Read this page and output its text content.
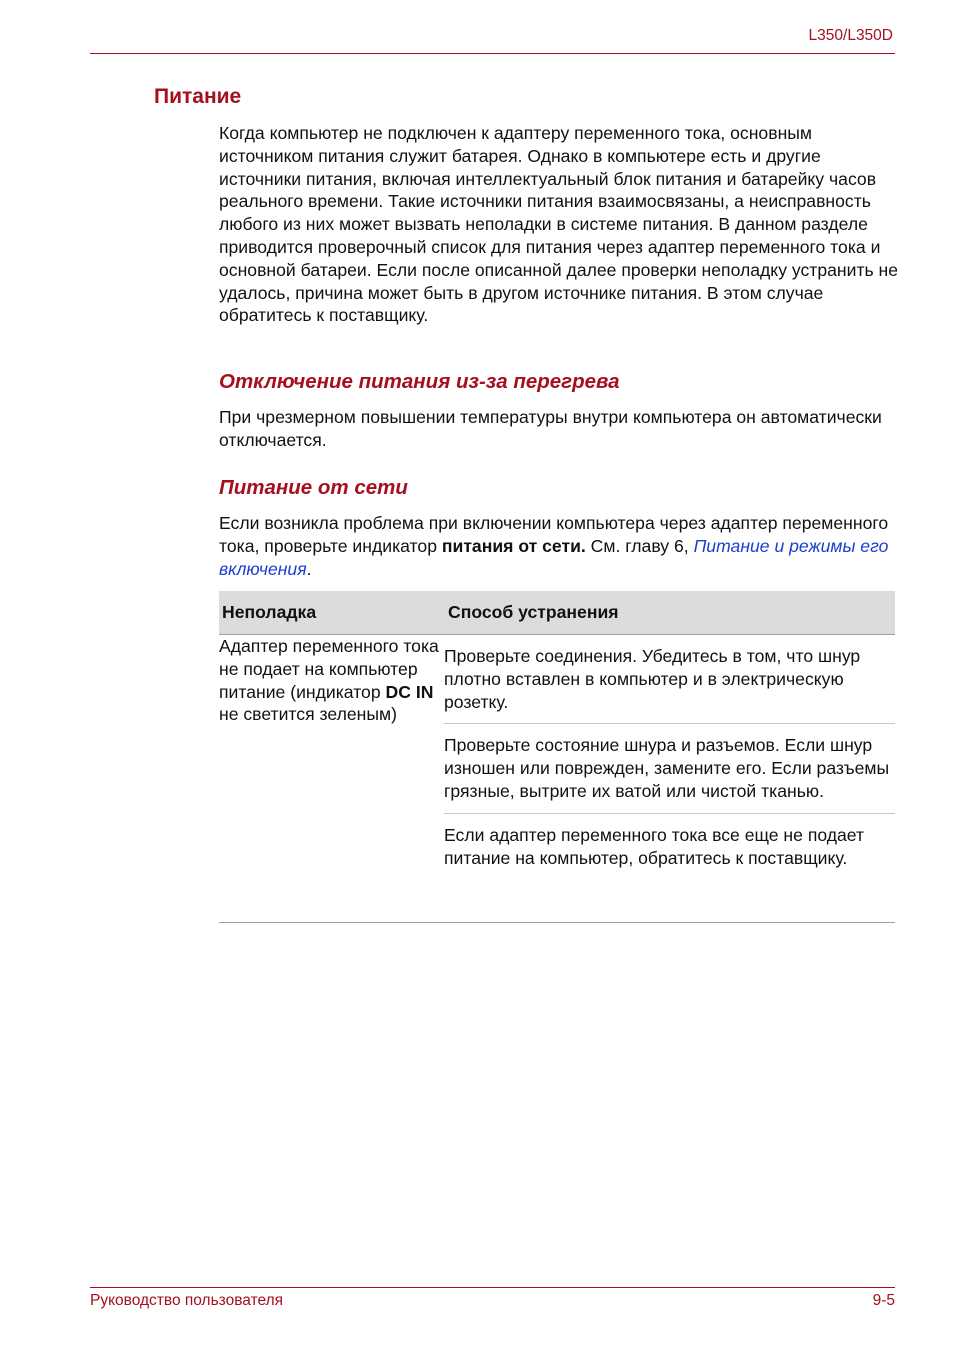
L350/L350D
Питание
Когда компьютер не подключен к адаптеру переменного тока, основным источником питания служит батарея. Однако в компьютере есть и другие источники питания, включая интеллектуальный блок питания и батарейку часов реального времени. Такие источники питания взаимосвязаны, а неисправность любого из них может вызвать неполадки в системе питания. В данном разделе приводится проверочный список для питания через адаптер переменного тока и основной батареи. Если после описанной далее проверки неполадку устранить не удалось, причина может быть в другом источнике питания. В этом случае обратитесь к поставщику.
Отключение питания из-за перегрева
При чрезмерном повышении температуры внутри компьютера он автоматически отключается.
Питание от сети
Если возникла проблема при включении компьютера через адаптер переменного тока, проверьте индикатор питания от сети. См. главу 6, Питание и режимы его включения.
Неполадка	Способ устранения
Адаптер переменного тока не подает на компьютер питание (индикатор DC IN не светится зеленым)	Проверьте соединения. Убедитесь в том, что шнур плотно вставлен в компьютер и в электрическую розетку.
Проверьте состояние шнура и разъемов. Если шнур изношен или поврежден, замените его. Если разъемы грязные, вытрите их ватой или чистой тканью.
Если адаптер переменного тока все еще не подает питание на компьютер, обратитесь к поставщику.
Руководство пользователя	9-5
